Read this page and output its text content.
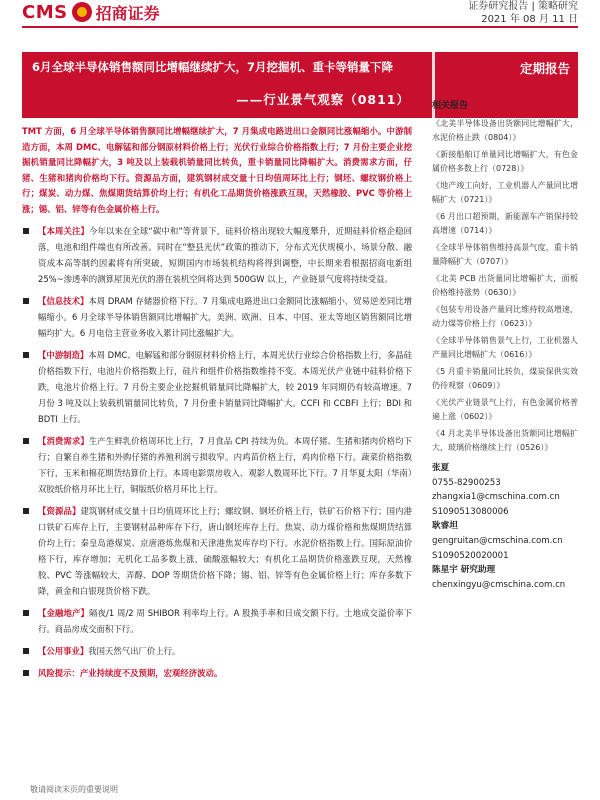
CMS 招商证券	证券研究报告 | 策略研究
2021 年 08 月 11 日
6月全球半导体销售额同比增幅继续扩大，7月挖掘机、重卡等销量下降
——行业景气观察（0811）
定期报告

TMT 方面，6 月全球半导体销售额同比增幅继续扩大，7 月集成电路进出口金额同比涨幅缩小。中游制造方面，本周 DMC、电解锰和部分钢原材料价格上行；光伏行业综合价格指数上行；7 月份主要企业挖掘机销量同比降幅扩大，3 吨及以上装载机销量同比转负，重卡销量同比降幅扩大。消费需求方面，仔猪、生猪和猪肉价格均下行。资源品方面，建筑钢材成交量十日均值周环比上行；钢坯、螺纹钢价格上行；煤炭、动力煤、焦煤期货结算价均上行；有机化工品期货价格涨跌互现，天然橡胶、PVC 等价格上涨；锡、铝、锌等有色金属价格上行。

【本周关注】今年以来在全球“碳中和”等背景下，硅料价格出现较大幅度攀升，近期硅料价格企稳回落，电池和组件端也有所改善。同时在“整县光伏”政策的推动下，分布式光伏规模小、场景分散、融资成本高等制约因素将有所突破，短期国内市场装机结构将得到调整，中长期来看根据招商电新组 25%~渗透率的测算屋顶光伏的潜在装机空间将达到 500GW 以上，产业链景气度将持续受益。
【信息技术】本周 DRAM 存储器价格下行。7 月集成电路进出口金额同比涨幅缩小，贸易逆差同比增幅缩小。6 月全球半导体销售额同比增幅扩大，美洲、欧洲、日本、中国、亚太等地区销售额同比增幅均扩大。6 月电信主营业务收入累计同比涨幅扩大。
【中游制造】本周 DMC、电解锰和部分钢原材料价格上行，本周光伏行业综合价格指数上行，多晶硅价格指数下行，电池片价格指数上行，硅片和组件价格指数维持不变。本周光伏产业链中硅料价格下跌，电池片价格上行。7 月份主要企业挖掘机销量同比降幅扩大，较 2019 年同期仍有较高增速。7 月份 3 吨及以上装载机销量同比转负，7 月份重卡销量同比降幅扩大。CCFI 和 CCBFI 上行；BDI 和 BDTI 上行。
【消费需求】生产生鲜乳价格周环比上行，7 月食品 CPI 持续为负。本周仔猪、生猪和猪肉价格均下行；自繁自养生猪和外购仔猪的养殖利润亏损收窄。内鸡苗价格上行，鸡肉价格下行。蔬菜价格指数下行，玉米和棉花期货结算价上行。本周电影票房收入、观影人数周环比下行。7 月华夏太阳（华南）双胶纸价格月环比上行，铜版纸价格月环比上行。
【资源品】建筑钢材成交量十日均值周环比上行；螺纹钢、钢坯价格上行，铁矿石价格下行；国内港口铁矿石库存上行，主要钢材品种库存下行，唐山钢坯库存上行。焦炭、动力煤价格和焦煤期货结算价均上行；秦皇岛港煤炭、京唐港炼焦煤和天津港焦炭库存均下行。水泥价格指数上行。国际原油价格下行，库存增加；无机化工品多数上涨，硫酸涨幅较大；有机化工品期货价格涨跌互现，天然橡胶、PVC 等涨幅较大，弄醇、DOP 等期货价格下降；锡、铝、锌等有色金属价格上行；库存多数下降，黄金和白银现货价格下跌。
【金融地产】隔夜/1 周/2 周 SHIBOR 利率均上行。A 股换手率和日成交额下行。土地成交溢价率下行。商品房成交面积下行。
【公用事业】我国天然气出厂价上行。
风险提示：产业持续度不及预期，宏观经济波动。
相关报告
《北美半导体设备出货额同比增幅扩大，水泥价格止跌（0804）》
《新接船舶订单量同比增幅扩大，有色金属价格多数上行（0728）》
《地产竣工向好，工业机器人产量同比增幅扩大（0721）》
《6 月出口超预期，新能源车产销保持较高增速（0714）》
《全球半导体销售维持高景气度，重卡销量降幅扩大（0707）》
《北美 PCB 出货量同比增幅扩大，面板价格维持涨势（0630）》
《包装专用设备产量同比维持较高增速，动力煤等价格上行（0623）》
《全球半导体销售景气上行，工业机器人产量同比增幅扩大（0616）》
《5 月重卡销量同比转负，煤炭保供实效仍待观察（0609）》
《光伏产业链景气上行，有色金属价格普遍上涨（0602）》
《4 月北美半导体设备出货额同比增幅扩大，玻璃价格继续上行（0526）》
张夏
0755-82900253
zhangxia1@cmschina.com.cn
S1090513080006
耿睿坦
gengruitan@cmschina.com.cn
S1090520020001
陈星宇 研究助理
chenxingyu@cmschina.com.cn
敬请阅读末页的重要说明
